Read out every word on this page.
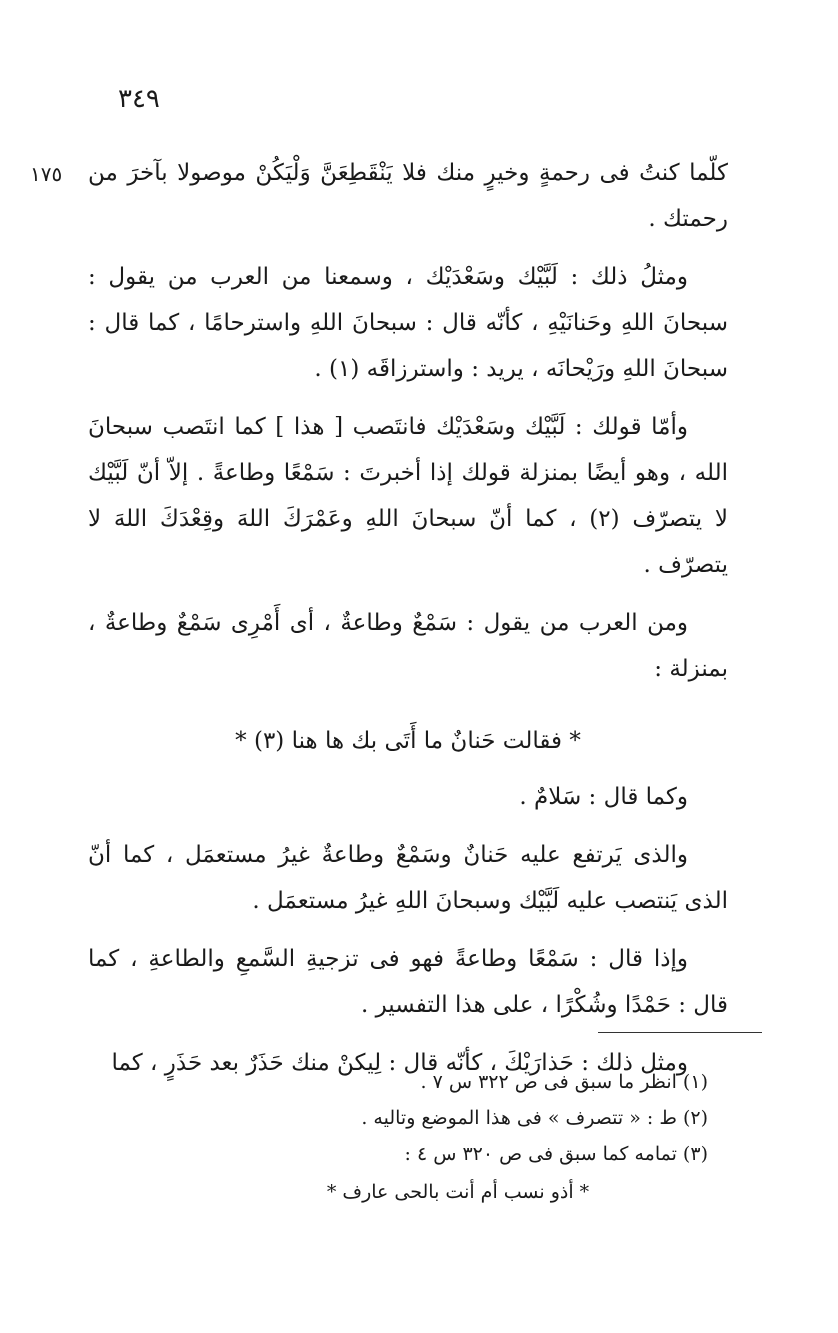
٣٤٩
١٧٥ كلّما كنتُ فى رحمةٍ وخيرٍ منك فلا يَنْقَطِعَنَّ وَلْيَكُنْ موصولا بآخرَ من رحمتك .

ومثلُ ذلك : لَبَّيْك وسَعْدَيْك ، وسمعنا من العرب من يقول : سبحانَ اللهِ وحَنانَيْهِ ، كأنّه قال : سبحانَ اللهِ واسترحامًا ، كما قال : سبحانَ اللهِ ورَيْحانَه ، يريد : واسترزاقَه (١) .

وأمّا قولك : لَبَّيْك وسَعْدَيْك فانتَصب [ هذا ] كما انتَصب سبحانَ الله ، وهو أيضًا بمنزلة قولك إذا أخبرتَ : سَمْعًا وطاعةً . إلاّ أنّ لَبَّيْك لا يتصرّف (٢) ، كما أنّ سبحانَ اللهِ وعَمْرَكَ اللهَ وقِعْدَكَ اللهَ لا يتصرّف .

ومن العرب من يقول : سَمْعٌ وطاعةٌ ، أى أَمْرِى سَمْعٌ وطاعةٌ ، بمنزلة :

* فقالت حَنانٌ ما أَتَى بك ها هنا (٣) *

وكما قال : سَلامٌ .

والذى يَرتفع عليه حَنانٌ وسَمْعٌ وطاعةٌ غيرُ مستعمَل ، كما أنّ الذى يَنتصب عليه لَبَّيْك وسبحانَ اللهِ غيرُ مستعمَل .

وإذا قال : سَمْعًا وطاعةً فهو فى تزجيةِ السَّمعِ والطاعةِ ، كما قال : حَمْدًا وشُكْرًا ، على هذا التفسير .

ومثل ذلك : حَذارَيْكَ ، كأنّه قال : لِيكنْ منك حَذَرٌ بعد حَذَرٍ ، كما

(١) انظر ما سبق فى ص ٣٢٢ س ٧ .

(٢) ط : « تتصرف » فى هذا الموضع وتاليه .

(٣) تمامه كما سبق فى ص ٣٢٠ س ٤ :

* أذو نسب أم أنت بالحى عارف *
